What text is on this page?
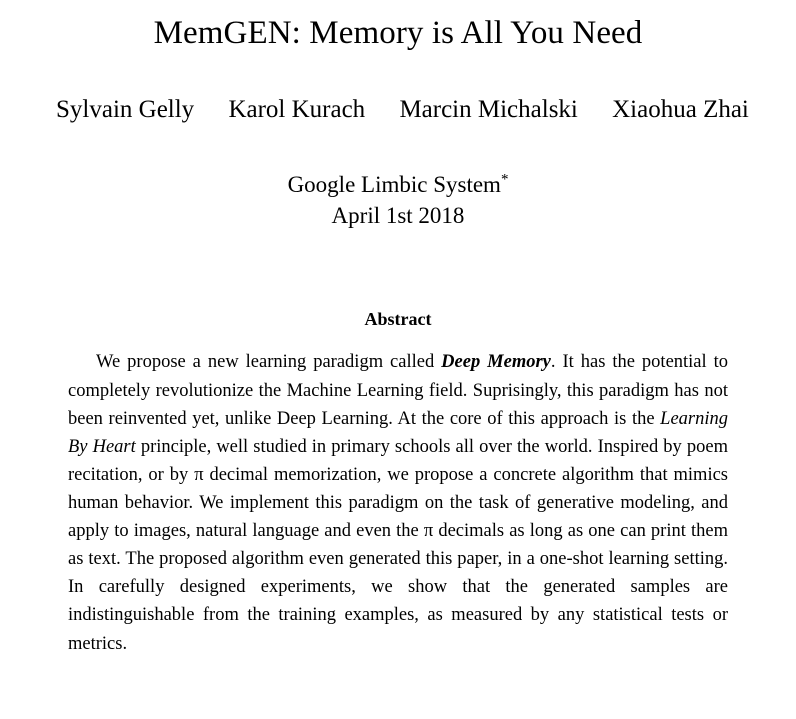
MemGEN: Memory is All You Need
Sylvain Gelly Karol Kurach Marcin Michalski Xiaohua Zhai
Google Limbic System*
April 1st 2018
Abstract

We propose a new learning paradigm called Deep Memory. It has the potential to completely revolutionize the Machine Learning field. Suprisingly, this paradigm has not been reinvented yet, unlike Deep Learning. At the core of this approach is the Learning By Heart principle, well studied in primary schools all over the world. Inspired by poem recitation, or by π decimal memorization, we propose a concrete algorithm that mimics human behavior. We implement this paradigm on the task of generative modeling, and apply to images, natural language and even the π decimals as long as one can print them as text. The proposed algorithm even generated this paper, in a one-shot learning setting. In carefully designed experiments, we show that the generated samples are indistinguishable from the training examples, as measured by any statistical tests or metrics.
